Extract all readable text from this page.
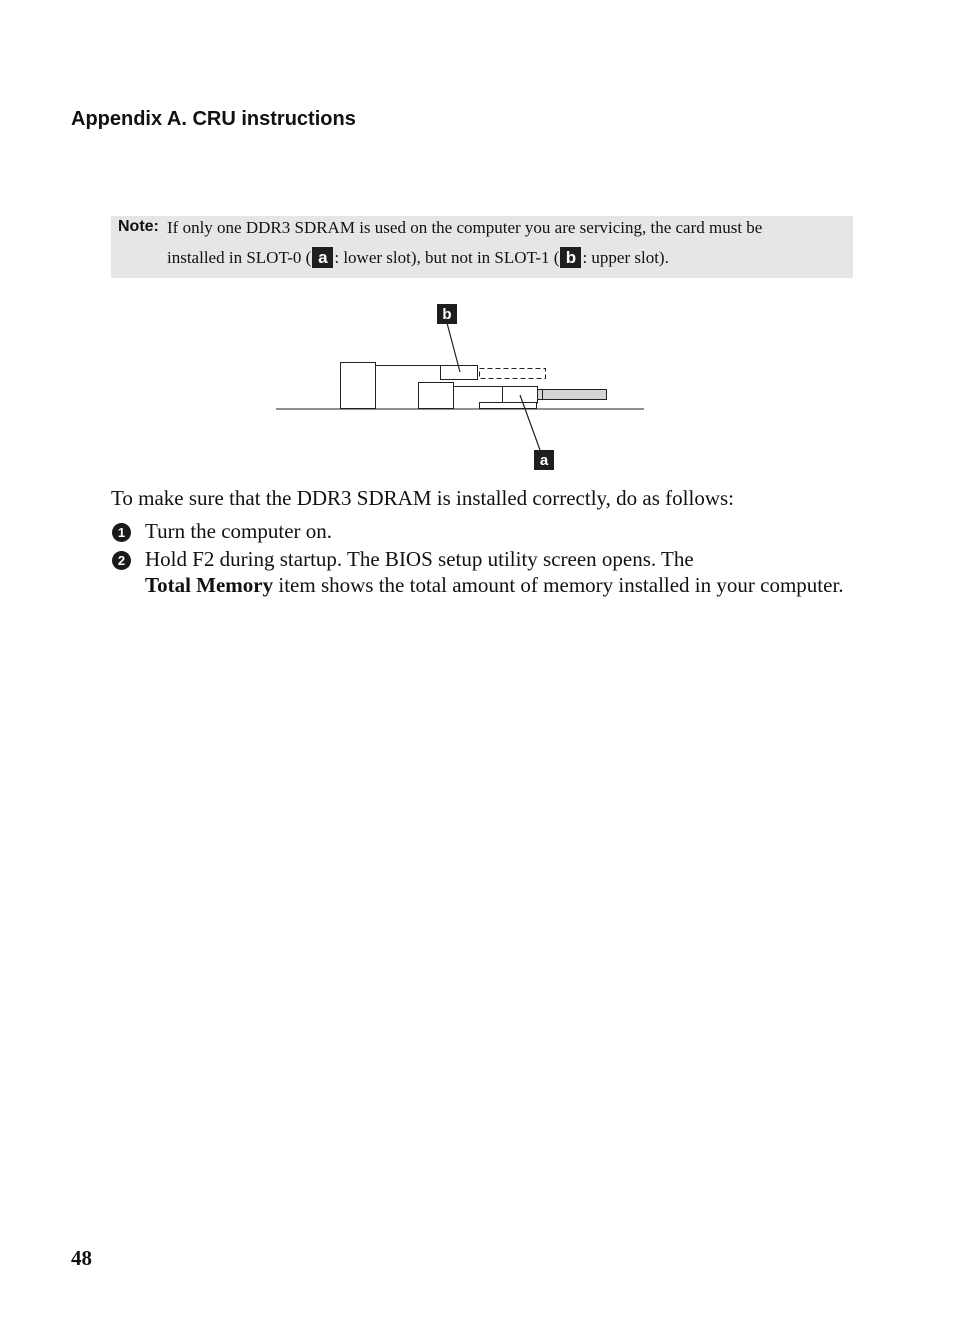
Appendix A. CRU instructions
Note: If only one DDR3 SDRAM is used on the computer you are servicing, the card must be
installed in SLOT-0 ( a : lower slot), but not in SLOT-1 ( b : upper slot).
b
a
To make sure that the DDR3 SDRAM is installed correctly, do as follows:
1 Turn the computer on.
2 Hold F2 during startup. The BIOS setup utility screen opens. The
Total Memory item shows the total amount of memory installed in your computer.
48
